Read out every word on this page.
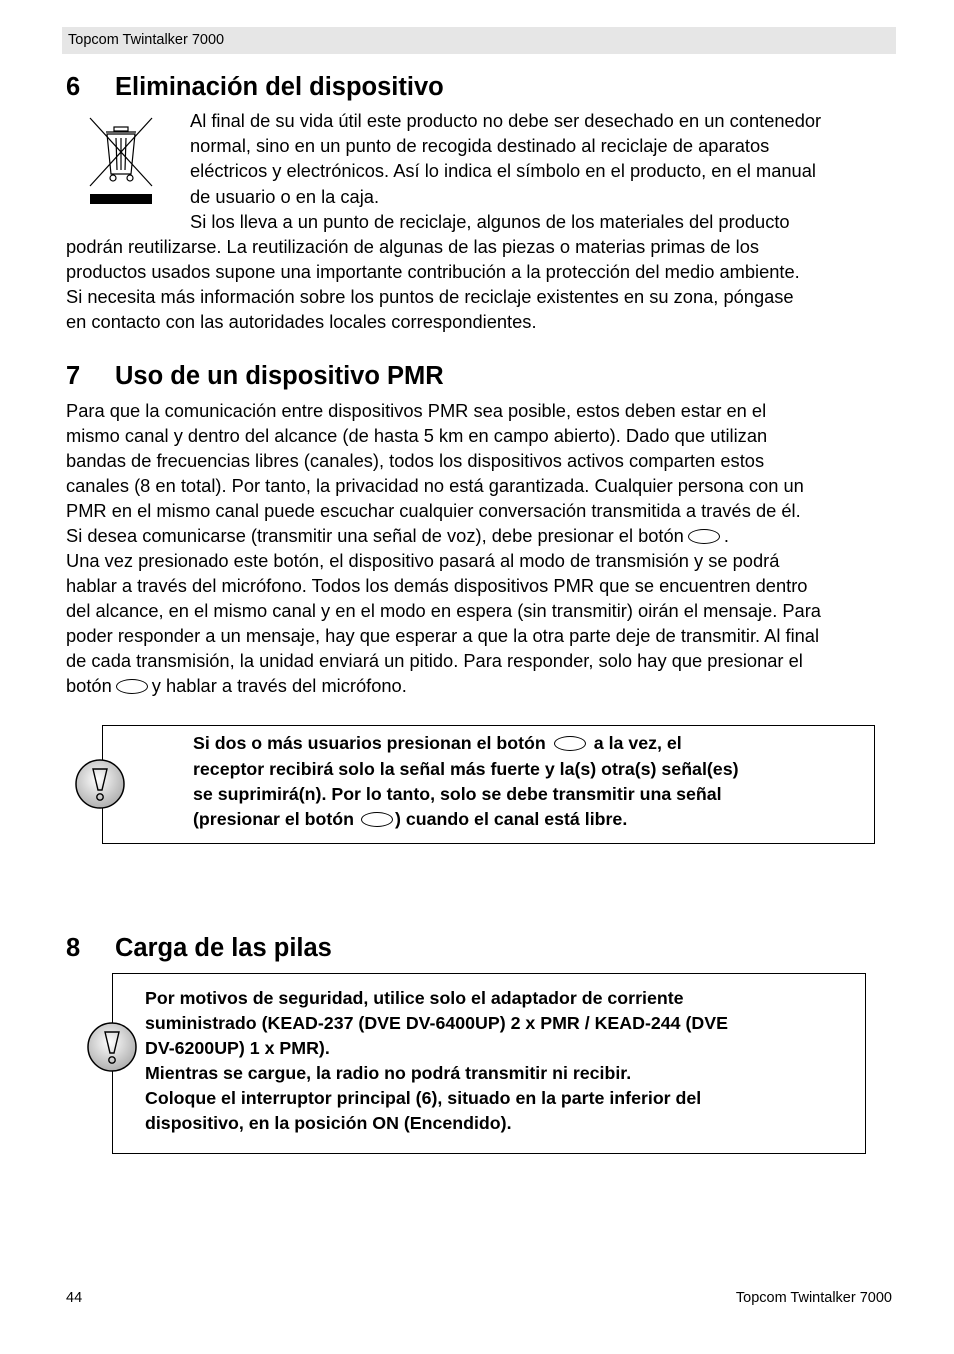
Topcom Twintalker 7000
6 Eliminación del dispositivo
Al final de su vida útil este producto no debe ser desechado en un contenedor
normal, sino en un punto de recogida destinado al reciclaje de aparatos
eléctricos y electrónicos. Así lo indica el símbolo en el producto, en el manual
de usuario o en la caja.
Si los lleva a un punto de reciclaje, algunos de los materiales del producto
podrán reutilizarse. La reutilización de algunas de las piezas o materias primas de los
productos usados supone una importante contribución a la protección del medio ambiente.
Si necesita más información sobre los puntos de reciclaje existentes en su zona, póngase
en contacto con las autoridades locales correspondientes.
7 Uso de un dispositivo PMR
Para que la comunicación entre dispositivos PMR sea posible, estos deben estar en el
mismo canal y dentro del alcance (de hasta 5 km en campo abierto). Dado que utilizan
bandas de frecuencias libres (canales), todos los dispositivos activos comparten estos
canales (8 en total). Por tanto, la privacidad no está garantizada. Cualquier persona con un
PMR en el mismo canal puede escuchar cualquier conversación transmitida a través de él.
Si desea comunicarse (transmitir una señal de voz), debe presionar el botón .
Una vez presionado este botón, el dispositivo pasará al modo de transmisión y se podrá
hablar a través del micrófono. Todos los demás dispositivos PMR que se encuentren dentro
del alcance, en el mismo canal y en el modo en espera (sin transmitir) oirán el mensaje. Para
poder responder a un mensaje, hay que esperar a que la otra parte deje de transmitir. Al final
de cada transmisión, la unidad enviará un pitido. Para responder, solo hay que presionar el
botón y hablar a través del micrófono.
Si dos o más usuarios presionan el botón	a la vez, el
receptor recibirá solo la señal más fuerte y la(s) otra(s) señal(es)
se suprimirá(n). Por lo tanto, solo se debe transmitir una señal
(presionar el botón ) cuando el canal está libre.
8 Carga de las pilas
Por motivos de seguridad, utilice solo el adaptador de corriente
suministrado (KEAD-237 (DVE DV-6400UP) 2 x PMR / KEAD-244 (DVE
DV-6200UP) 1 x PMR).
Mientras se cargue, la radio no podrá transmitir ni recibir.
Coloque el interruptor principal (6), situado en la parte inferior del
dispositivo, en la posición ON (Encendido).
44	Topcom Twintalker 7000
